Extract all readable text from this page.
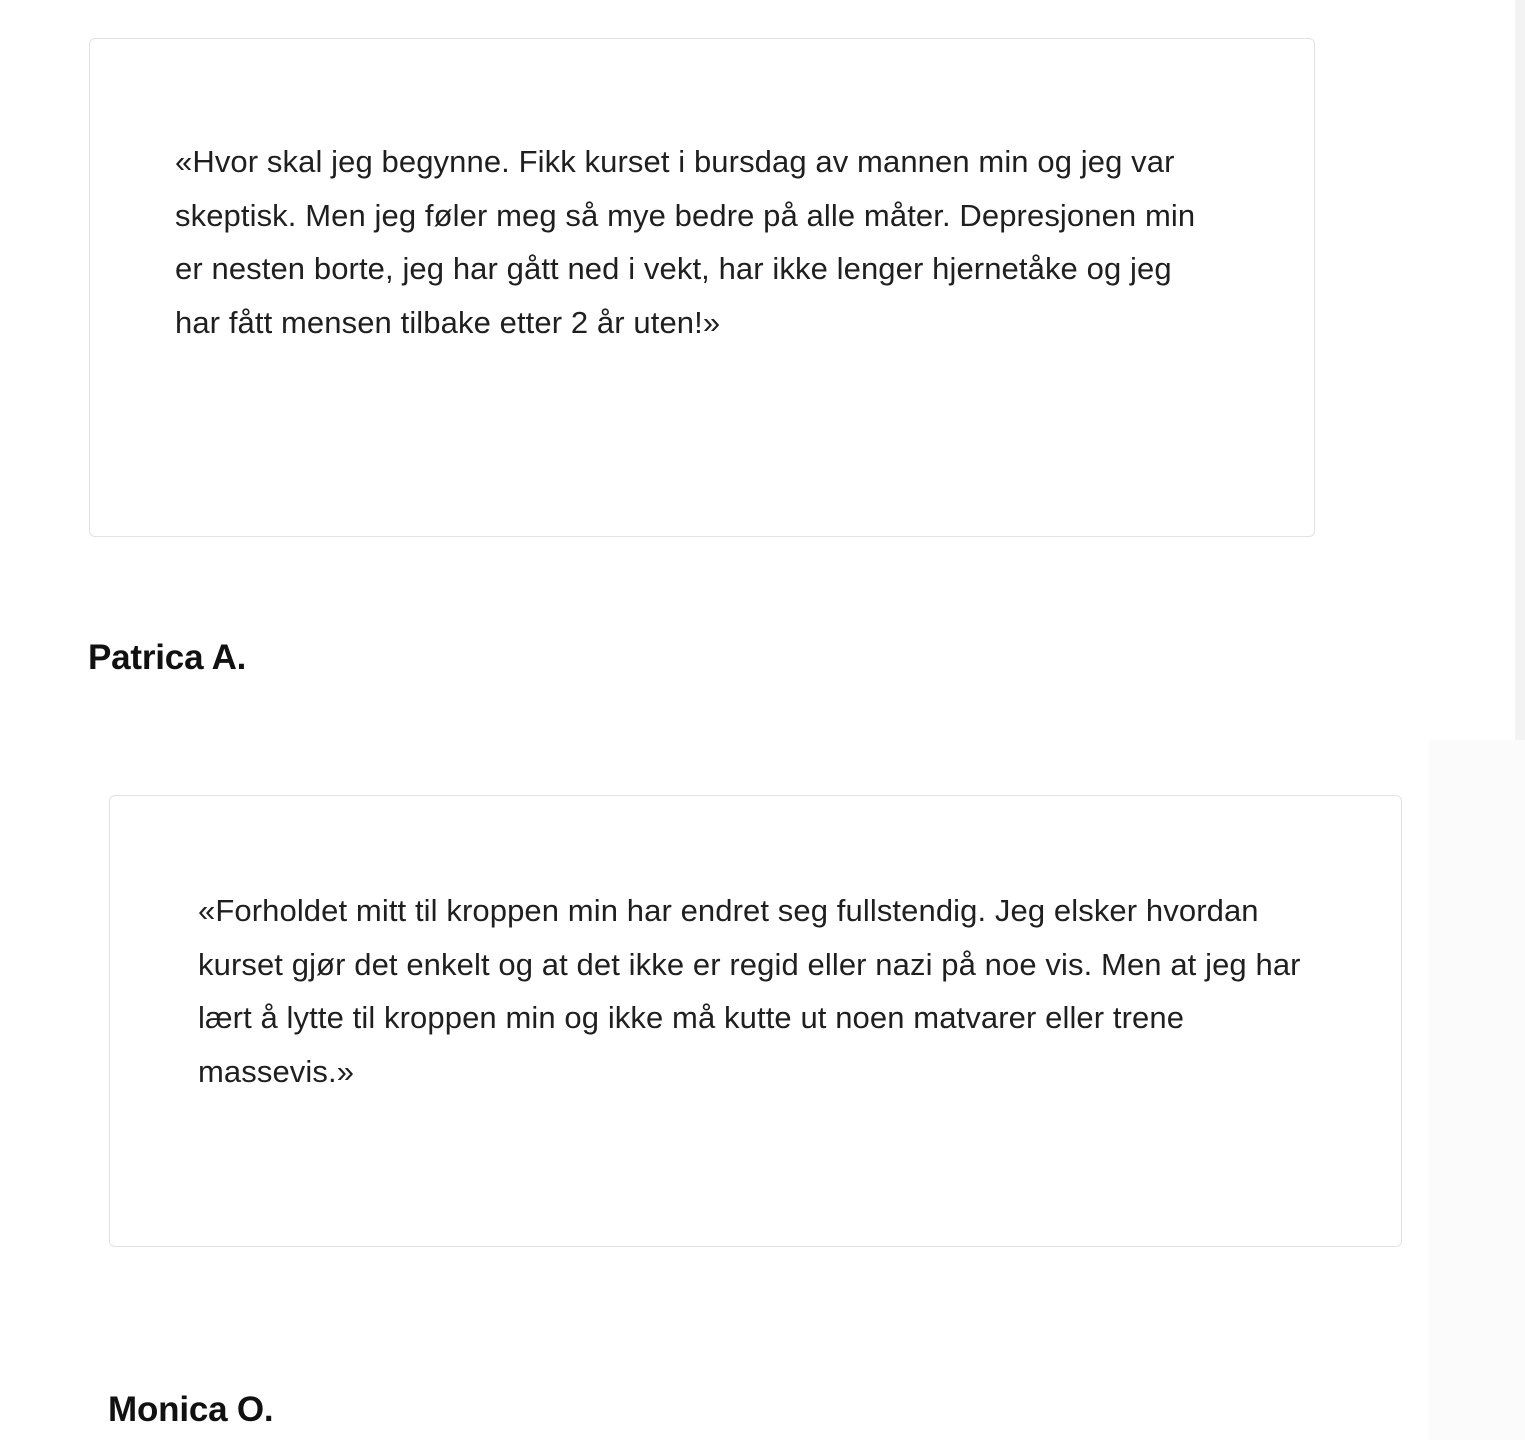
«Hvor skal jeg begynne. Fikk kurset i bursdag av mannen min og jeg var skeptisk. Men jeg føler meg så mye bedre på alle måter. Depresjonen min er nesten borte, jeg har gått ned i vekt, har ikke lenger hjernetåke og jeg har fått mensen tilbake etter 2 år uten!»

Patrica A.

«Forholdet mitt til kroppen min har endret seg fullstendig. Jeg elsker hvordan kurset gjør det enkelt og at det ikke er regid eller nazi på noe vis. Men at jeg har lært å lytte til kroppen min og ikke må kutte ut noen matvarer eller trene massevis.»

Monica O.
